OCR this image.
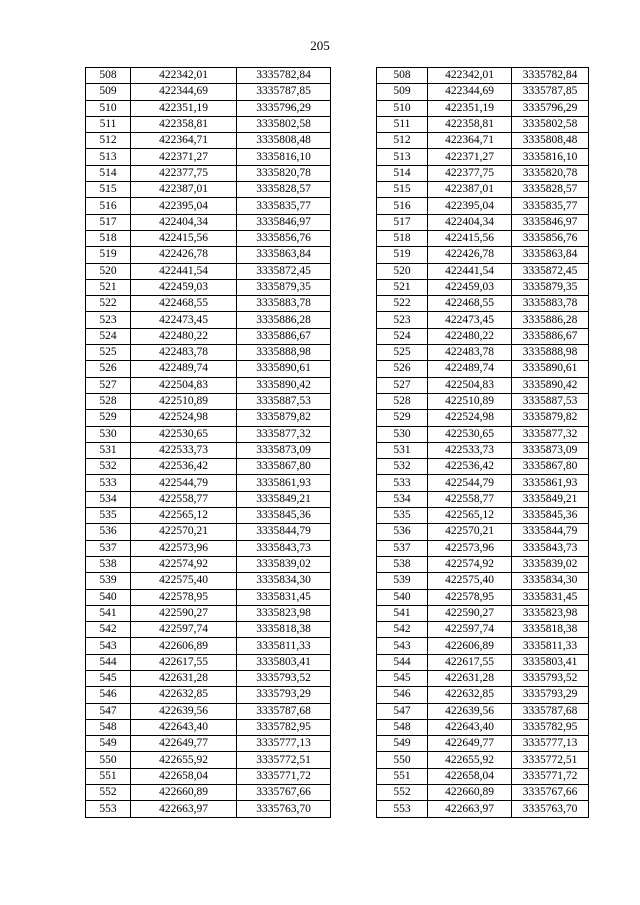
205
508	422342,01	3335782,84
509	422344,69	3335787,85
510	422351,19	3335796,29
511	422358,81	3335802,58
512	422364,71	3335808,48
513	422371,27	3335816,10
514	422377,75	3335820,78
515	422387,01	3335828,57
516	422395,04	3335835,77
517	422404,34	3335846,97
518	422415,56	3335856,76
519	422426,78	3335863,84
520	422441,54	3335872,45
521	422459,03	3335879,35
522	422468,55	3335883,78
523	422473,45	3335886,28
524	422480,22	3335886,67
525	422483,78	3335888,98
526	422489,74	3335890,61
527	422504,83	3335890,42
528	422510,89	3335887,53
529	422524,98	3335879,82
530	422530,65	3335877,32
531	422533,73	3335873,09
532	422536,42	3335867,80
533	422544,79	3335861,93
534	422558,77	3335849,21
535	422565,12	3335845,36
536	422570,21	3335844,79
537	422573,96	3335843,73
538	422574,92	3335839,02
539	422575,40	3335834,30
540	422578,95	3335831,45
541	422590,27	3335823,98
542	422597,74	3335818,38
543	422606,89	3335811,33
544	422617,55	3335803,41
545	422631,28	3335793,52
546	422632,85	3335793,29
547	422639,56	3335787,68
548	422643,40	3335782,95
549	422649,77	3335777,13
550	422655,92	3335772,51
551	422658,04	3335771,72
552	422660,89	3335767,66
553	422663,97	3335763,70
508	422342,01	3335782,84
509	422344,69	3335787,85
510	422351,19	3335796,29
511	422358,81	3335802,58
512	422364,71	3335808,48
513	422371,27	3335816,10
514	422377,75	3335820,78
515	422387,01	3335828,57
516	422395,04	3335835,77
517	422404,34	3335846,97
518	422415,56	3335856,76
519	422426,78	3335863,84
520	422441,54	3335872,45
521	422459,03	3335879,35
522	422468,55	3335883,78
523	422473,45	3335886,28
524	422480,22	3335886,67
525	422483,78	3335888,98
526	422489,74	3335890,61
527	422504,83	3335890,42
528	422510,89	3335887,53
529	422524,98	3335879,82
530	422530,65	3335877,32
531	422533,73	3335873,09
532	422536,42	3335867,80
533	422544,79	3335861,93
534	422558,77	3335849,21
535	422565,12	3335845,36
536	422570,21	3335844,79
537	422573,96	3335843,73
538	422574,92	3335839,02
539	422575,40	3335834,30
540	422578,95	3335831,45
541	422590,27	3335823,98
542	422597,74	3335818,38
543	422606,89	3335811,33
544	422617,55	3335803,41
545	422631,28	3335793,52
546	422632,85	3335793,29
547	422639,56	3335787,68
548	422643,40	3335782,95
549	422649,77	3335777,13
550	422655,92	3335772,51
551	422658,04	3335771,72
552	422660,89	3335767,66
553	422663,97	3335763,70
